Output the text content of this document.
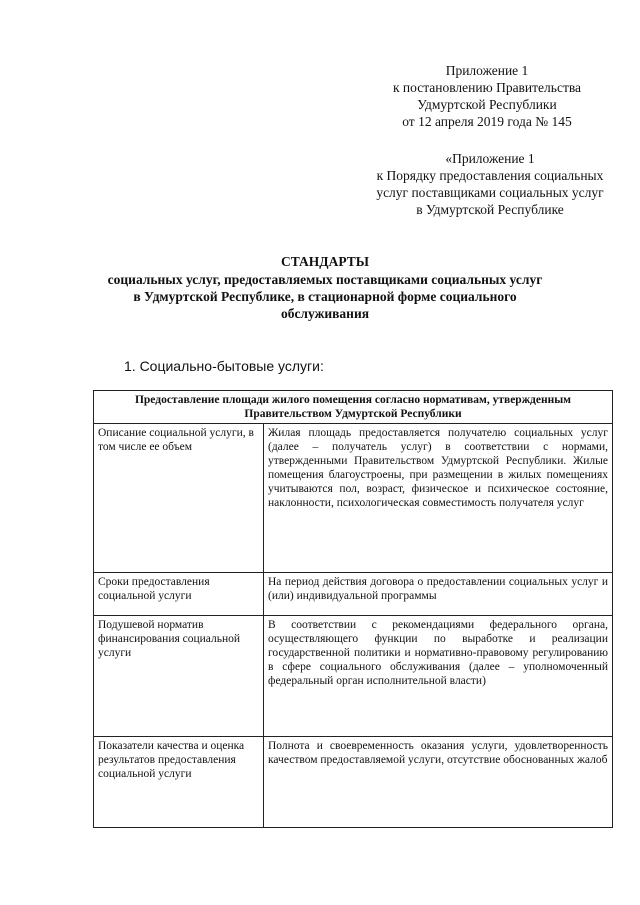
Приложение 1
к постановлению Правительства
Удмуртской Республики
от 12 апреля 2019 года № 145
«Приложение 1
к Порядку предоставления социальных
услуг поставщиками социальных услуг
в Удмуртской Республике
СТАНДАРТЫ
социальных услуг, предоставляемых поставщиками социальных услуг
в Удмуртской Республике, в стационарной форме социального
обслуживания
1. Социально-бытовые услуги:
Предоставление площади жилого помещения согласно нормативам, утвержденным Правительством Удмуртской Республики	
Описание социальной услуги, в том числе ее объем	Жилая площадь предоставляется получателю социальных услуг (далее – получатель услуг) в соответствии с нормами, утвержденными Правительством Удмуртской Республики. Жилые помещения благоустроены, при размещении в жилых помещениях учитываются пол, возраст, физическое и психическое состояние, наклонности, психологическая совместимость получателя услуг
Сроки предоставления социальной услуги	На период действия договора о предоставлении социальных услуг и (или) индивидуальной программы
Подушевой норматив финансирования социальной услуги	В соответствии с рекомендациями федерального органа, осуществляющего функции по выработке и реализации государственной политики и нормативно-правовому регулированию в сфере социального обслуживания (далее – уполномоченный федеральный орган исполнительной власти)
Показатели качества и оценка результатов предоставления социальной услуги	Полнота и своевременность оказания услуги, удовлетворенность качеством предоставляемой услуги, отсутствие обоснованных жалоб
